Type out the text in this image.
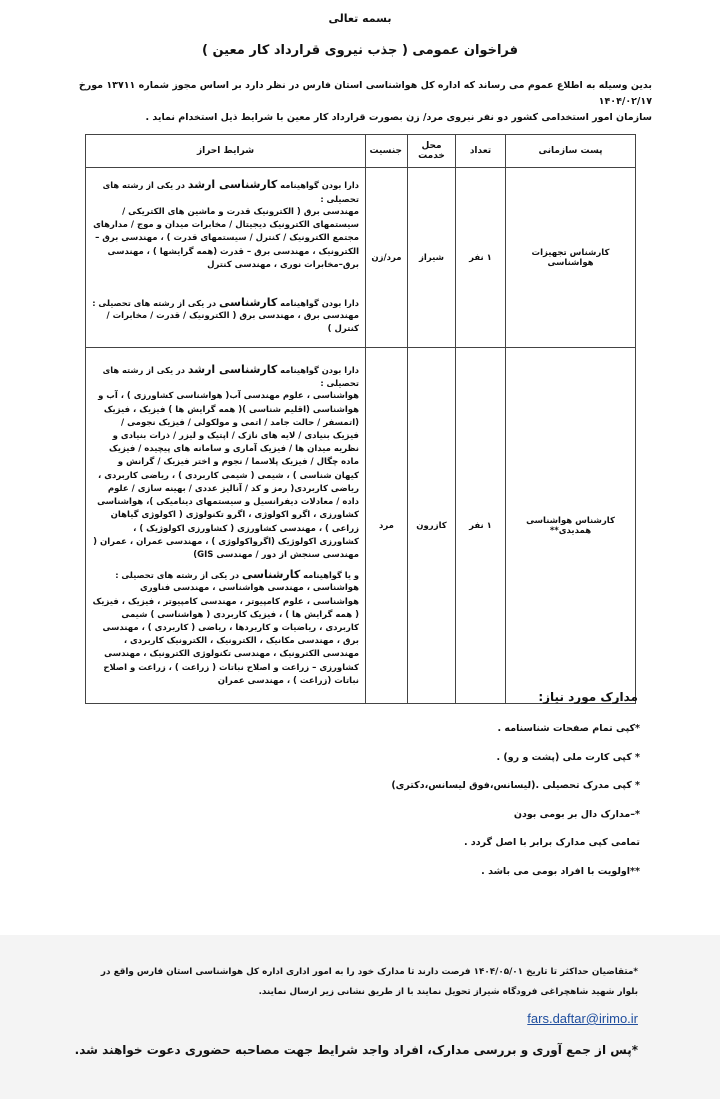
بسمه تعالی
فراخوان عمومی ( جذب نیروی قرارداد کار معین )
بدین وسیله به اطلاع عموم می رساند که اداره کل هواشناسی استان فارس در نظر دارد بر اساس مجوز شماره ۱۳۷۱۱ مورخ ۱۴۰۴/۰۲/۱۷
سازمان امور استخدامی کشور دو نفر نیروی مرد/ زن بصورت قرارداد کار معین با شرایط ذیل استخدام نماید .
پست سازمانی	تعداد	محل خدمت	جنسیت	شرایط احراز
کارشناس تجهیزات هواشناسی	۱ نفر	شیراز	مرد/زن	دارا بودن گواهینامه کارشناسی ارشد در یکی از رشته های تحصیلی :
مهندسی برق ( الکترونیک قدرت و ماشین های الکتریکی / سیستمهای الکترونیک دیجیتال / مخابرات میدان و موج / مدارهای مجتمع الکترونیک / کنترل / سیستمهای قدرت ) ، مهندسی برق –الکترونیک ، مهندسی برق – قدرت (همه گرایشها ) ، مهندسی برق–مخابرات نوری ، مهندسی کنترل
دارا بودن گواهینامه کارشناسی در یکی از رشته های تحصیلی :
مهندسی برق ، مهندسی برق ( الکترونیک / قدرت / مخابرات / کنترل )

کارشناس هواشناسی همدیدی**	۱ نفر	کازرون	مرد	دارا بودن گواهینامه کارشناسی ارشد در یکی از رشته های تحصیلی :
هواشناسی ، علوم مهندسی آب( هواشناسی کشاورزی ) ، آب و هواشناسی (اقلیم شناسی )( همه گرایش ها ) فیزیک ، فیزیک (اتمسفر / حالت جامد / اتمی و مولکولی / فیزیک نجومی / فیزیک بنیادی / لایه های نازک / اپتیک و لیزر / ذرات بنیادی و نظریه میدان ها / فیزیک آماری و سامانه های پیچیده / فیزیک ماده چگال / فیزیک پلاسما / نجوم و اختر فیزیک / گرانش و کیهان شناسی ) ، شیمی ( شیمی کاربردی ) ، ریاضی کاربردی ، ریاضی کاربردی( رمز و کد / آنالیز عددی / بهینه سازی / علوم داده / معادلات دیفرانسیل و سیستمهای دینامیکی )، هواشناسی کشاورزی ، اگرو اکولوژی ، اگرو تکنولوژی ( اکولوژی گیاهان زراعی ) ، مهندسی کشاورزی ( کشاورزی اکولوژیک ) ، کشاورزی اکولوژیک (اگرواکولوژی ) ، مهندسی عمران ، عمران ( مهندسی سنجش از دور / مهندسی GIS)
و یا گواهینامه کارشناسی در یکی از رشته های تحصیلی :
هواشناسی ، مهندسی هواشناسی ، مهندسی فناوری هواشناسی ، علوم کامپیوتر ، مهندسی کامپیوتر ، فیزیک ، فیزیک ( همه گرایش ها ) ، فیزیک کاربردی ( هواشناسی ) شیمی کاربردی ، ریاضیات و کاربردها ، ریاضی ( کاربردی ) ، مهندسی برق ، مهندسی مکانیک ، الکترونیک ، الکترونیک کاربردی ، مهندسی الکترونیک ، مهندسی تکنولوژی الکترونیک ، مهندسی کشاورزی – زراعت و اصلاح نباتات ( زراعت ) ، زراعت و اصلاح نباتات (زراعت ) ، مهندسی عمران
مدارک مورد نیاز:
*کپی تمام صفحات شناسنامه .
* کپی کارت ملی (پشت و رو) .
* کپی مدرک تحصیلی .(لیسانس،فوق لیسانس،دکتری)
*–مدارک دال بر بومی بودن
تمامی کپی مدارک برابر با اصل گردد .
**اولویت با افراد بومی می باشد .
*متقاضیان حداکثر تا تاریخ ۱۴۰۴/۰۵/۰۱ فرصت دارند تا مدارک خود را به امور اداری اداره کل هواشناسی استان فارس واقع در بلوار شهید شاهچراغی فرودگاه شیراز تحویل نمایند با از طریق نشانی زیر ارسال نمایند.
fars.daftar@irimo.ir
*پس از جمع آوری و بررسی مدارک، افراد واجد شرایط جهت مصاحبه حضوری دعوت خواهند شد.
